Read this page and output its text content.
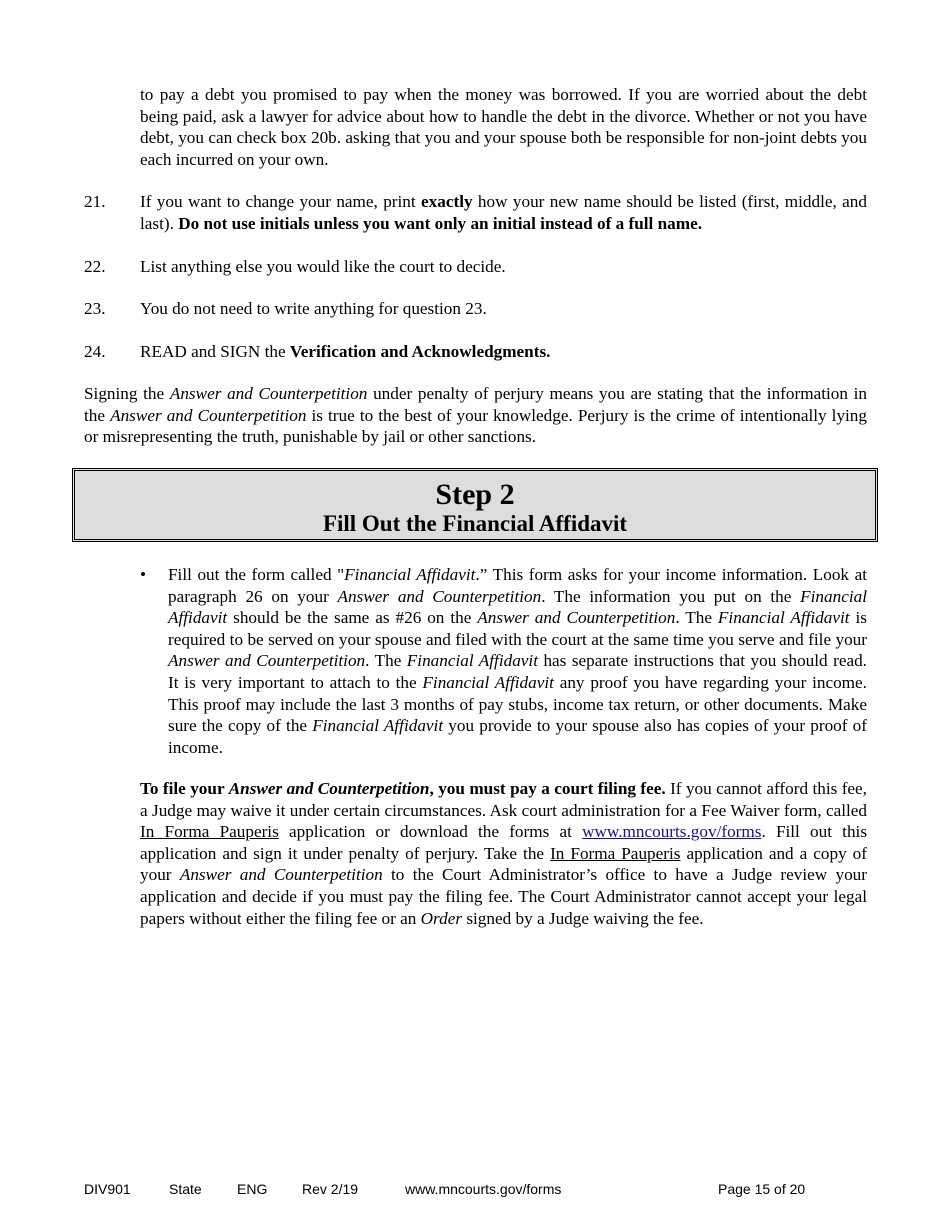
to pay a debt you promised to pay when the money was borrowed. If you are worried about the debt being paid, ask a lawyer for advice about how to handle the debt in the divorce. Whether or not you have debt, you can check box 20b. asking that you and your spouse both be responsible for non-joint debts you each incurred on your own.
21.	If you want to change your name, print exactly how your new name should be listed (first, middle, and last). Do not use initials unless you want only an initial instead of a full name.
22.	List anything else you would like the court to decide.
23.	You do not need to write anything for question 23.
24.	READ and SIGN the Verification and Acknowledgments.
Signing the Answer and Counterpetition under penalty of perjury means you are stating that the information in the Answer and Counterpetition is true to the best of your knowledge. Perjury is the crime of intentionally lying or misrepresenting the truth, punishable by jail or other sanctions.
Step 2
Fill Out the Financial Affidavit
• Fill out the form called "Financial Affidavit.” This form asks for your income information. Look at paragraph 26 on your Answer and Counterpetition. The information you put on the Financial Affidavit should be the same as #26 on the Answer and Counterpetition. The Financial Affidavit is required to be served on your spouse and filed with the court at the same time you serve and file your Answer and Counterpetition. The Financial Affidavit has separate instructions that you should read. It is very important to attach to the Financial Affidavit any proof you have regarding your income. This proof may include the last 3 months of pay stubs, income tax return, or other documents. Make sure the copy of the Financial Affidavit you provide to your spouse also has copies of your proof of income.
To file your Answer and Counterpetition, you must pay a court filing fee. If you cannot afford this fee, a Judge may waive it under certain circumstances. Ask court administration for a Fee Waiver form, called In Forma Pauperis application or download the forms at www.mncourts.gov/forms. Fill out this application and sign it under penalty of perjury. Take the In Forma Pauperis application and a copy of your Answer and Counterpetition to the Court Administrator’s office to have a Judge review your application and decide if you must pay the filing fee. The Court Administrator cannot accept your legal papers without either the filing fee or an Order signed by a Judge waiving the fee.
DIV901	State	ENG Rev 2/19	www.mncourts.gov/forms	Page 15 of 20
